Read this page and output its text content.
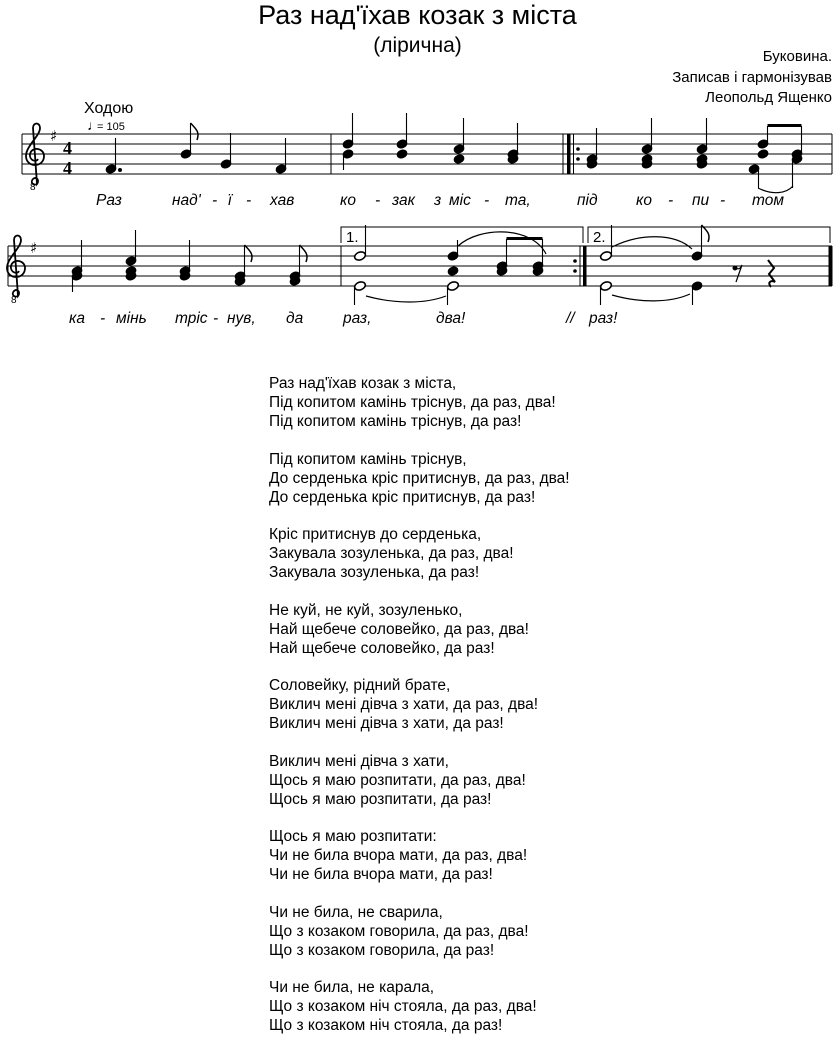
Раз над'їхав козак з міста
(лірична)	Буковина.
Записав і гармонізував
Леопольд Ященко
Ходою
♩
= 105
8
♯
4
4
Раз	над' - ї - хав	ко - зак з міс - та,	під ко - пи - том
8
♯
1.	2.
ка - мінь тріс - нув, да	раз,	два!	// раз!
Раз над'їхав козак з міста,
Під копитом камінь тріснув, да раз, два!
Під копитом камінь тріснув, да раз!
Під копитом камінь тріснув,
До серденька кріс притиснув, да раз, два!
До серденька кріс притиснув, да раз!
Кріс притиснув до серденька,
Закувала зозуленька, да раз, два!
Закувала зозуленька, да раз!
Не куй, не куй, зозуленько,
Най щебече соловейко, да раз, два!
Най щебече соловейко, да раз!
Соловейку, рідний брате,
Виклич мені дівча з хати, да раз, два!
Виклич мені дівча з хати, да раз!
Виклич мені дівча з хати,
Щось я маю розпитати, да раз, два!
Щось я маю розпитати, да раз!
Щось я маю розпитати:
Чи не била вчора мати, да раз, два!
Чи не била вчора мати, да раз!
Чи не била, не сварила,
Що з козаком говорила, да раз, два!
Що з козаком говорила, да раз!
Чи не била, не карала,
Що з козаком ніч стояла, да раз, два!
Що з козаком ніч стояла, да раз!
